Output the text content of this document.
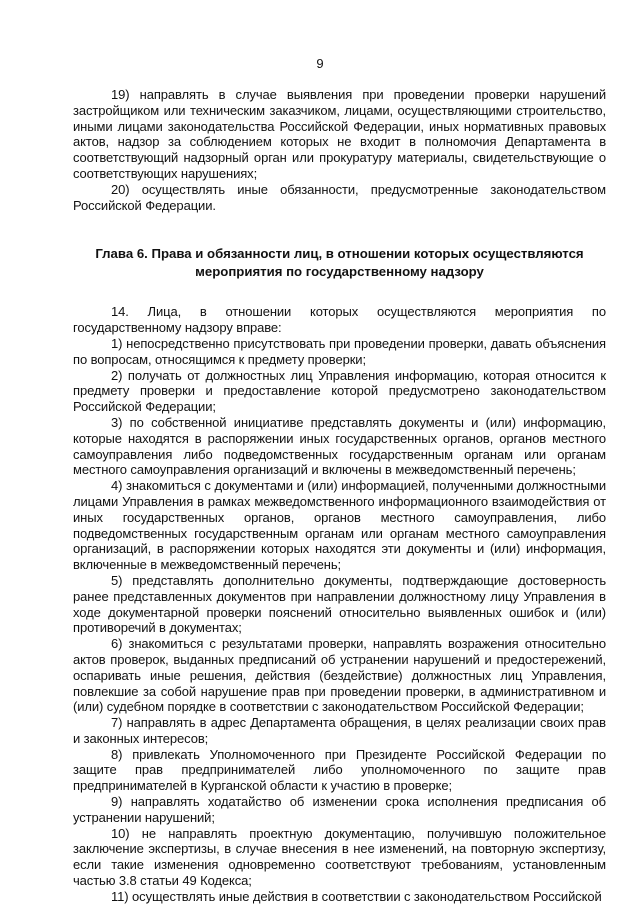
9

19) направлять в случае выявления при проведении проверки нарушений застройщиком или техническим заказчиком, лицами, осуществляющими строительство, иными лицами законодательства Российской Федерации, иных нормативных правовых актов, надзор за соблюдением которых не входит в полномочия Департамента в соответствующий надзорный орган или прокуратуру материалы, свидетельствующие о соответствующих нарушениях;

20) осуществлять иные обязанности, предусмотренные законодательством Российской Федерации.

Глава 6. Права и обязанности лиц, в отношении которых осуществляются мероприятия по государственному надзору

14. Лица, в отношении которых осуществляются мероприятия по государственному надзору вправе:

1) непосредственно присутствовать при проведении проверки, давать объяснения по вопросам, относящимся к предмету проверки;

2) получать от должностных лиц Управления информацию, которая относится к предмету проверки и предоставление которой предусмотрено законодательством Российской Федерации;

3) по собственной инициативе представлять документы и (или) информацию, которые находятся в распоряжении иных государственных органов, органов местного самоуправления либо подведомственных государственным органам или органам местного самоуправления организаций и включены в межведомственный перечень;

4) знакомиться с документами и (или) информацией, полученными должностными лицами Управления в рамках межведомственного информационного взаимодействия от иных государственных органов, органов местного самоуправления, либо подведомственных государственным органам или органам местного самоуправления организаций, в распоряжении которых находятся эти документы и (или) информация, включенные в межведомственный перечень;

5) представлять дополнительно документы, подтверждающие достоверность ранее представленных документов при направлении должностному лицу Управления в ходе документарной проверки пояснений относительно выявленных ошибок и (или) противоречий в документах;

6) знакомиться с результатами проверки, направлять возражения относительно актов проверок, выданных предписаний об устранении нарушений и предостережений, оспаривать иные решения, действия (бездействие) должностных лиц Управления, повлекшие за собой нарушение прав при проведении проверки, в административном и (или) судебном порядке в соответствии с законодательством Российской Федерации;

7) направлять в адрес Департамента обращения, в целях реализации своих прав и законных интересов;

8) привлекать Уполномоченного при Президенте Российской Федерации по защите прав предпринимателей либо уполномоченного по защите прав предпринимателей в Курганской области к участию в проверке;

9) направлять ходатайство об изменении срока исполнения предписания об устранении нарушений;

10) не направлять проектную документацию, получившую положительное заключение экспертизы, в случае внесения в нее изменений, на повторную экспертизу, если такие изменения одновременно соответствуют требованиям, установленным частью 3.8 статьи 49 Кодекса;

11) осуществлять иные действия в соответствии с законодательством Российской
